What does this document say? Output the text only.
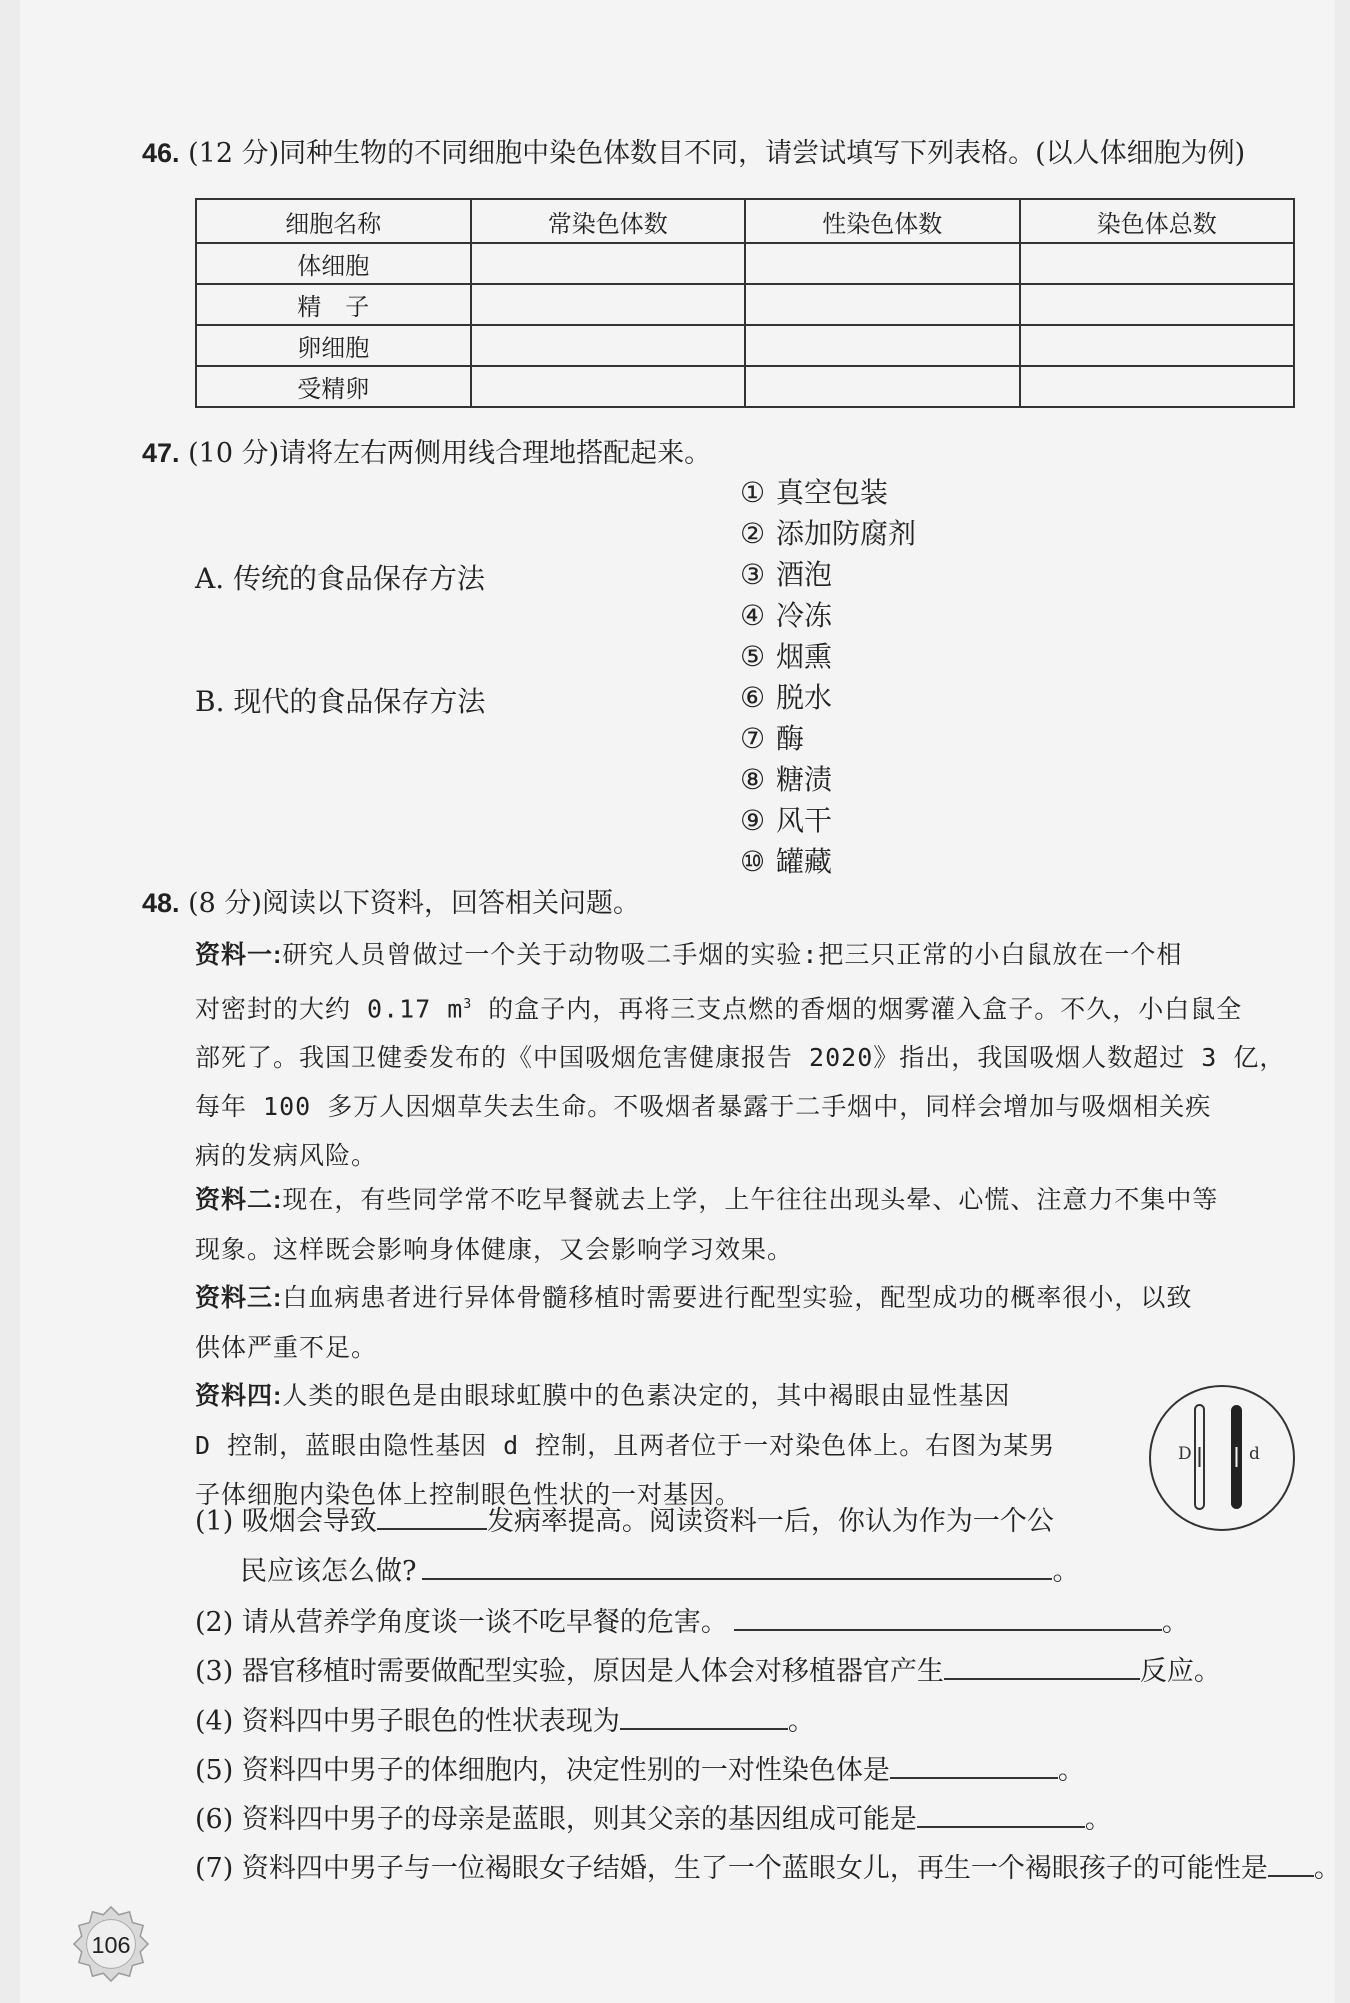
46. (12 分)同种生物的不同细胞中染色体数目不同，请尝试填写下列表格。(以人体细胞为例)
细胞名称	常染色体数	性染色体数	染色体总数
体细胞			
精　子			
卵细胞			
受精卵			
47. (10 分)请将左右两侧用线合理地搭配起来。
A. 传统的食品保存方法
B. 现代的食品保存方法
① 真空包装
② 添加防腐剂
③ 酒泡
④ 冷冻
⑤ 烟熏
⑥ 脱水
⑦ 酶
⑧ 糖渍
⑨ 风干
⑩ 罐藏
48. (8 分)阅读以下资料，回答相关问题。
资料一:研究人员曾做过一个关于动物吸二手烟的实验:把三只正常的小白鼠放在一个相
对密封的大约 0.17 $m^3$ 的盒子内，再将三支点燃的香烟的烟雾灌入盒子。不久，小白鼠全
部死了。我国卫健委发布的《中国吸烟危害健康报告 2020》指出，我国吸烟人数超过 3 亿，
每年 100 多万人因烟草失去生命。不吸烟者暴露于二手烟中，同样会增加与吸烟相关疾
病的发病风险。
资料二:现在，有些同学常不吃早餐就去上学，上午往往出现头晕、心慌、注意力不集中等
现象。这样既会影响身体健康，又会影响学习效果。
资料三:白血病患者进行异体骨髓移植时需要进行配型实验，配型成功的概率很小，以致
供体严重不足。
资料四:人类的眼色是由眼球虹膜中的色素决定的，其中褐眼由显性基因
D 控制，蓝眼由隐性基因 d 控制，且两者位于一对染色体上。右图为某男
子体细胞内染色体上控制眼色性状的一对基因。
D	d
(1) 吸烟会导致	发病率提高。阅读资料一后，你认为作为一个公
民应该怎么做?	。
(2) 请从营养学角度谈一谈不吃早餐的危害。	。
(3) 器官移植时需要做配型实验，原因是人体会对移植器官产生	反应。
(4) 资料四中男子眼色的性状表现为	。
(5) 资料四中男子的体细胞内，决定性别的一对性染色体是	。
(6) 资料四中男子的母亲是蓝眼，则其父亲的基因组成可能是	。
(7) 资料四中男子与一位褐眼女子结婚，生了一个蓝眼女儿，再生一个褐眼孩子的可能性是 。
106
